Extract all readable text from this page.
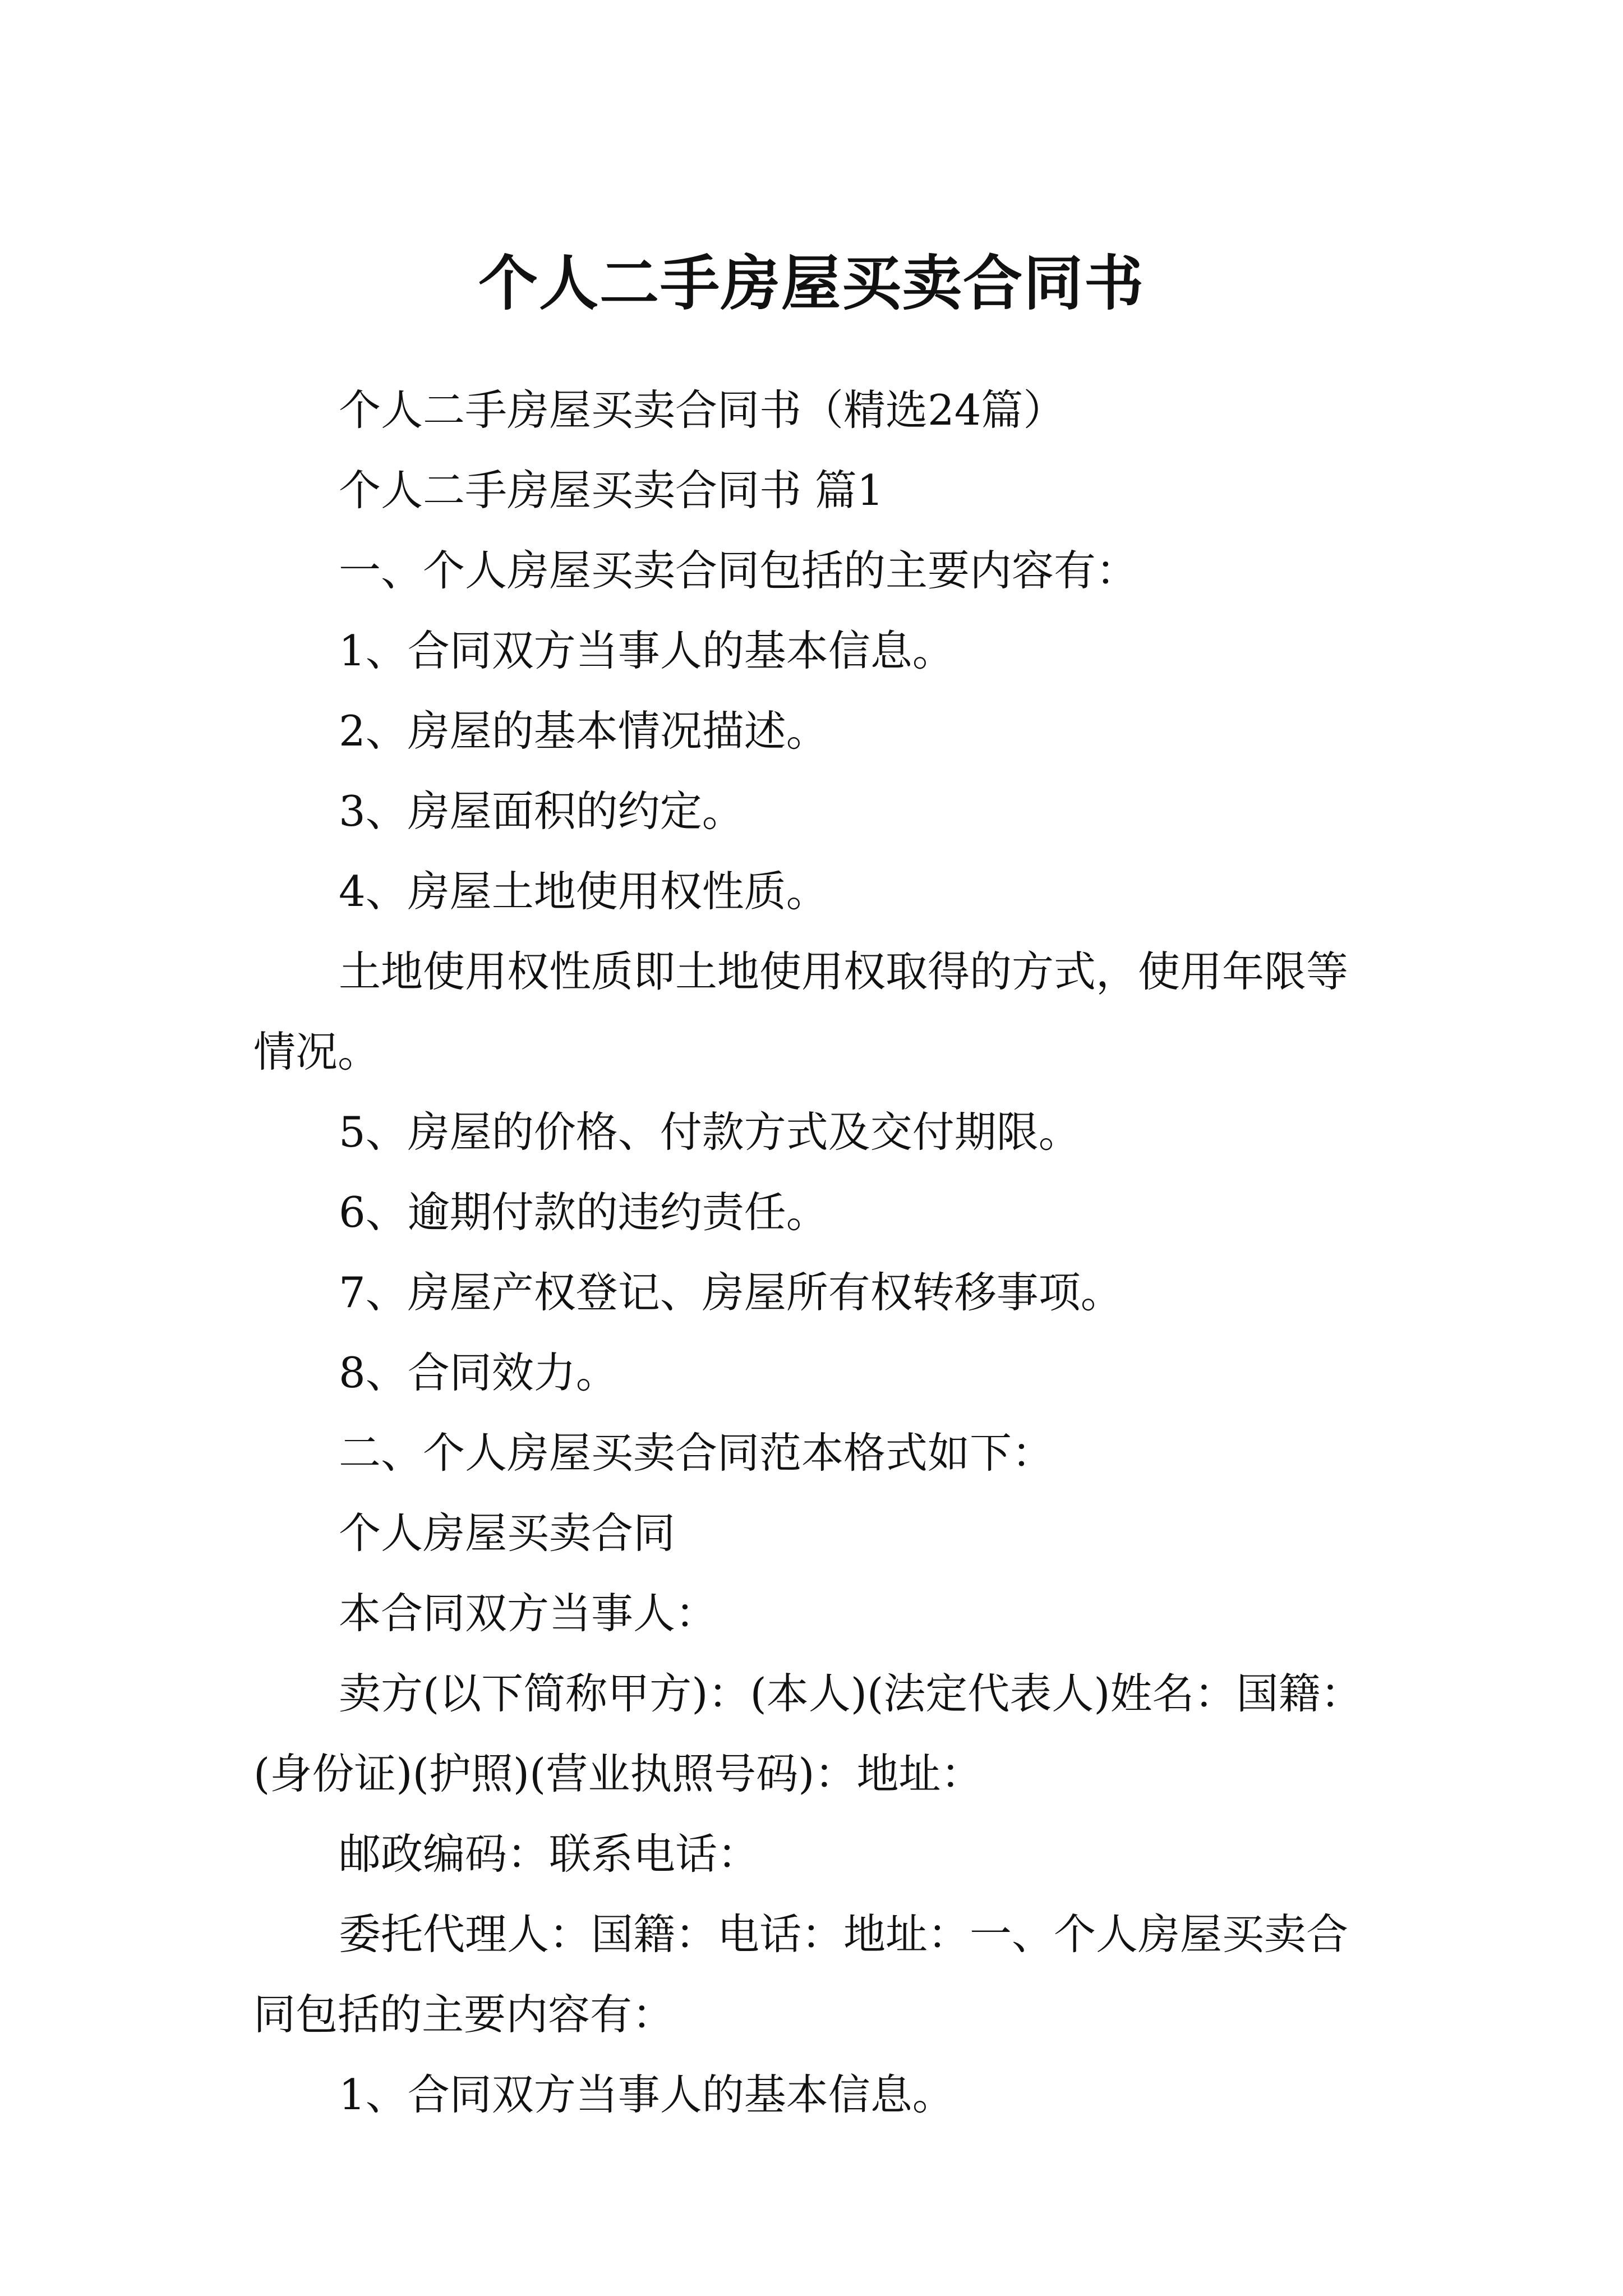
个人二手房屋买卖合同书

个人二手房屋买卖合同书（精选24篇）

个人二手房屋买卖合同书 篇1

一、个人房屋买卖合同包括的主要内容有：

1、合同双方当事人的基本信息。

2、房屋的基本情况描述。

3、房屋面积的约定。

4、房屋土地使用权性质。

土地使用权性质即土地使用权取得的方式，使用年限等情况。

5、房屋的价格、付款方式及交付期限。

6、逾期付款的违约责任。

7、房屋产权登记、房屋所有权转移事项。

8、合同效力。

二、个人房屋买卖合同范本格式如下：

个人房屋买卖合同

本合同双方当事人：

卖方(以下简称甲方)：(本人)(法定代表人)姓名：国籍：(身份证)(护照)(营业执照号码)：地址：

邮政编码：联系电话：

委托代理人：国籍：电话：地址：一、个人房屋买卖合同包括的主要内容有：

1、合同双方当事人的基本信息。
